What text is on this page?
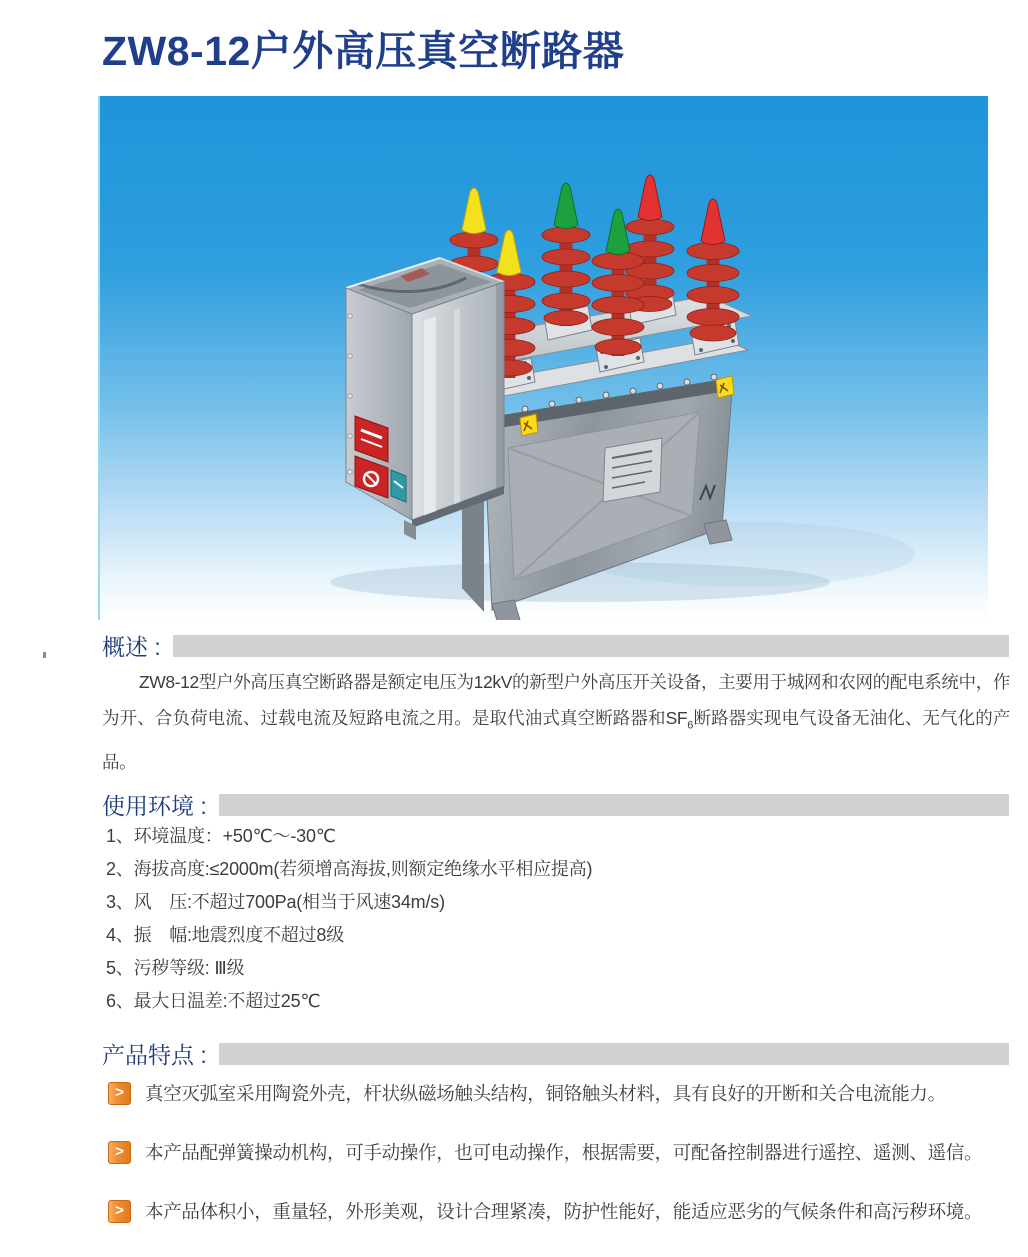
ZW8-12户外高压真空断路器
概述 :

ZW8-12型户外高压真空断路器是额定电压为12kV的新型户外高压开关设备，主要用于城网和农网的配电系统中，作为开、合负荷电流、过载电流及短路电流之用。是取代油式真空断路器和$SF_6$断路器实现电气设备无油化、无气化的产品。

使用环境 :
1、环境温度：+50℃～-30℃
2、海拔高度:≤2000m(若须增高海拔,则额定绝缘水平相应提高)
3、风　压:不超过700Pa(相当于风速34m/s)
4、振　幅:地震烈度不超过8级
5、污秽等级: Ⅲ级
6、最大日温差:不超过25℃
产品特点 :
>	真空灭弧室采用陶瓷外壳，杆状纵磁场触头结构，铜铬触头材料，具有良好的开断和关合电流能力。
>	本产品配弹簧操动机构，可手动操作，也可电动操作，根据需要，可配备控制器进行遥控、遥测、遥信。
>	本产品体积小，重量轻，外形美观，设计合理紧凑，防护性能好，能适应恶劣的气候条件和高污秽环境。
